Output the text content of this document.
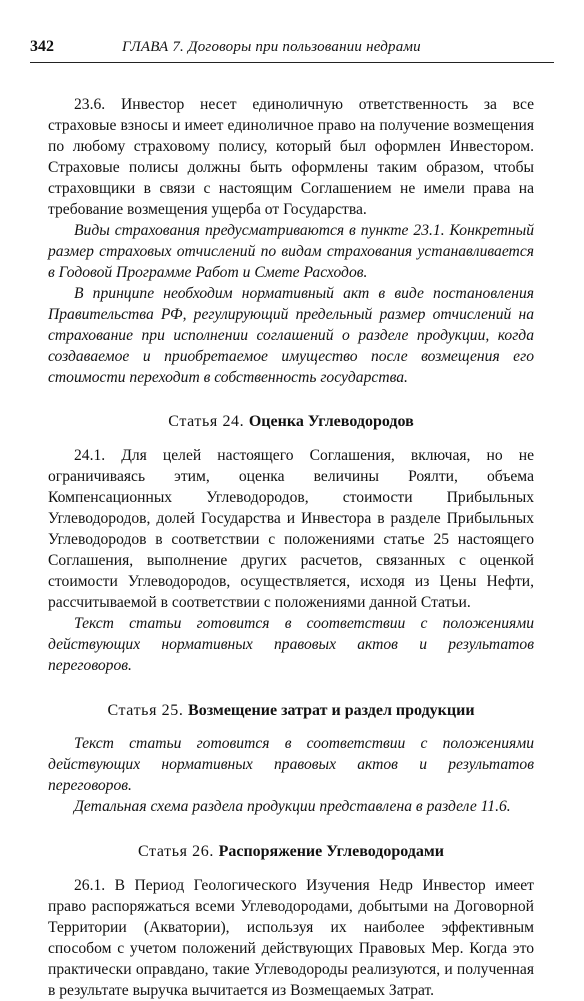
342	ГЛАВА 7. Договоры при пользовании недрами

23.6. Инвестор несет единоличную ответственность за все страховые взносы и имеет единоличное право на получение возмещения по любому страховому полису, который был оформлен Инвестором. Страховые полисы должны быть оформлены таким образом, чтобы страховщики в связи с настоящим Соглашением не имели права на требование возмещения ущерба от Государства.

Виды страхования предусматриваются в пункте 23.1. Конкретный размер страховых отчислений по видам страхования устанавливается в Годовой Программе Работ и Смете Расходов.

В принципе необходим нормативный акт в виде постановления Правительства РФ, регулирующий предельный размер отчислений на страхование при исполнении соглашений о разделе продукции, когда создаваемое и приобретаемое имущество после возмещения его стоимости переходит в собственность государства.

Статья 24. Оценка Углеводородов

24.1. Для целей настоящего Соглашения, включая, но не ограничиваясь этим, оценка величины Роялти, объема Компенсационных Углеводородов, стоимости Прибыльных Углеводородов, долей Государства и Инвестора в разделе Прибыльных Углеводородов в соответствии с положениями статье 25 настоящего Соглашения, выполнение других расчетов, связанных с оценкой стоимости Углеводородов, осуществляется, исходя из Цены Нефти, рассчитываемой в соответствии с положениями данной Статьи.

Текст статьи готовится в соответствии с положениями действующих нормативных правовых актов и результатов переговоров.

Статья 25. Возмещение затрат и раздел продукции

Текст статьи готовится в соответствии с положениями действующих нормативных правовых актов и результатов переговоров.

Детальная схема раздела продукции представлена в разделе 11.6.

Статья 26. Распоряжение Углеводородами

26.1. В Период Геологического Изучения Недр Инвестор имеет право распоряжаться всеми Углеводородами, добытыми на Договорной Территории (Акватории), используя их наиболее эффективным способом с учетом положений действующих Правовых Мер. Когда это практически оправдано, такие Углеводороды реализуются, и полученная в результате выручка вычитается из Возмещаемых Затрат.
